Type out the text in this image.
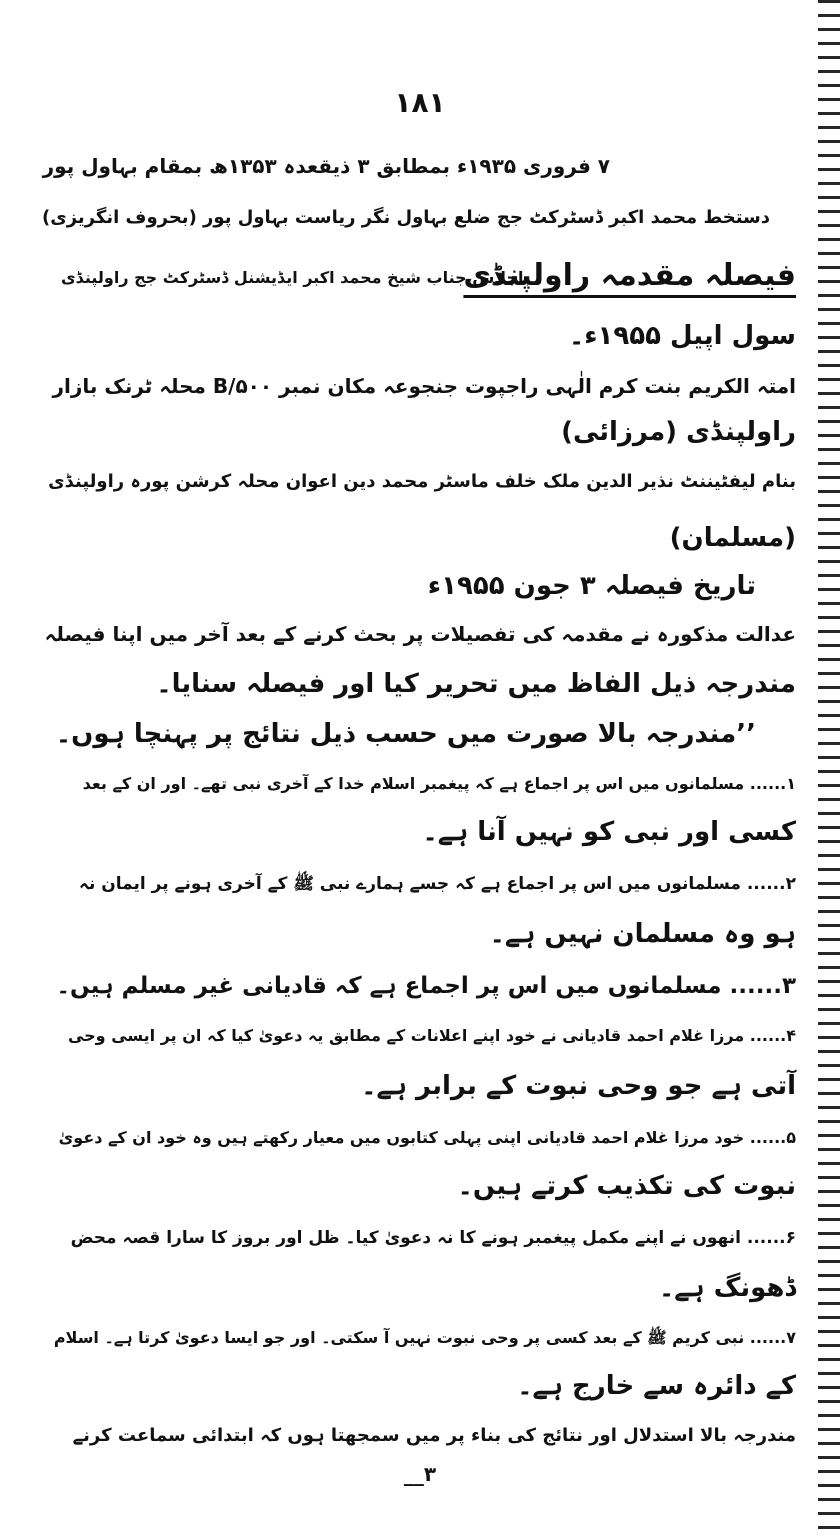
۱۸۱
۷ فروری ۱۹۳۵ء بمطابق ۳ ذیقعدہ ۱۳۵۳ھ بمقام بہاول پور
دستخط محمد اکبر ڈسٹرکٹ جج ضلع بہاول نگر ریاست بہاول پور (بحروف انگریزی)
فیصلہ مقدمہ راولپنڈی
باجلاس جناب شیخ محمد اکبر ایڈیشنل ڈسٹرکٹ جج راولپنڈی
سول اپیل ۱۹۵۵ء۔
امتہ الکریم بنت کرم الٰہی راجپوت جنجوعہ مکان نمبر B/۵۰۰ محلہ ٹرنک بازار
راولپنڈی (مرزائی)
بنام لیفٹیننٹ نذیر الدین ملک خلف ماسٹر محمد دین اعوان محلہ کرشن پورہ راولپنڈی
(مسلمان)
تاریخ فیصلہ ۳ جون ۱۹۵۵ء
عدالت مذکورہ نے مقدمہ کی تفصیلات پر بحث کرنے کے بعد آخر میں اپنا فیصلہ
مندرجہ ذیل الفاظ میں تحریر کیا اور فیصلہ سنایا۔
’’مندرجہ بالا صورت میں حسب ذیل نتائج پر پہنچا ہوں۔
۱...... مسلمانوں میں اس پر اجماع ہے کہ پیغمبر اسلام خدا کے آخری نبی تھے۔ اور ان کے بعد
کسی اور نبی کو نہیں آنا ہے۔
۲...... مسلمانوں میں اس پر اجماع ہے کہ جسے ہمارے نبی ﷺ کے آخری ہونے پر ایمان نہ
ہو وہ مسلمان نہیں ہے۔
۳...... مسلمانوں میں اس پر اجماع ہے کہ قادیانی غیر مسلم ہیں۔
۴...... مرزا غلام احمد قادیانی نے خود اپنے اعلانات کے مطابق یہ دعویٰ کیا کہ ان پر ایسی وحی
آتی ہے جو وحی نبوت کے برابر ہے۔
۵...... خود مرزا غلام احمد قادیانی اپنی پہلی کتابوں میں معیار رکھتے ہیں وہ خود ان کے دعویٰ
نبوت کی تکذیب کرتے ہیں۔
۶...... انھوں نے اپنے مکمل پیغمبر ہونے کا نہ دعویٰ کیا۔ ظل اور بروز کا سارا قصہ محض
ڈھونگ ہے۔
۷...... نبی کریم ﷺ کے بعد کسی پر وحی نبوت نہیں آ سکتی۔ اور جو ایسا دعویٰ کرتا ہے۔ اسلام
کے دائرہ سے خارج ہے۔
مندرجہ بالا استدلال اور نتائج کی بناء پر میں سمجھتا ہوں کہ ابتدائی سماعت کرنے
__۳
